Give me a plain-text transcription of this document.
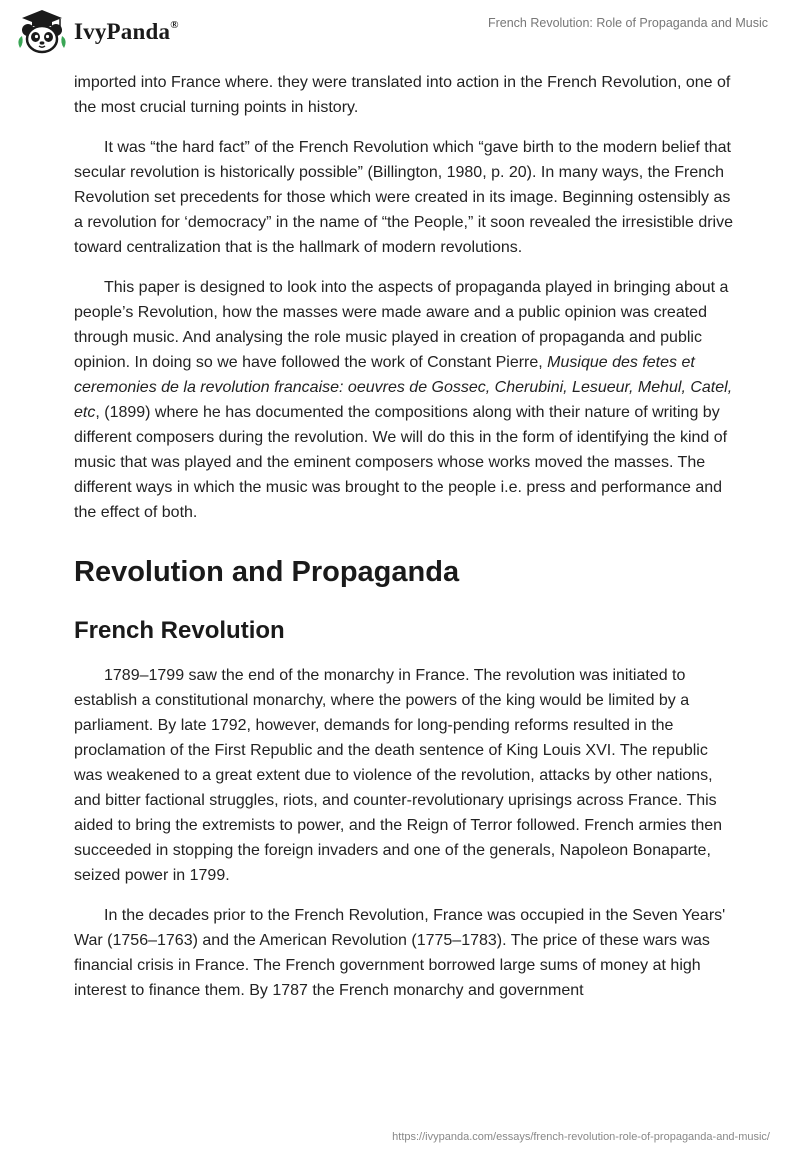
IvyPanda®	French Revolution: Role of Propaganda and Music

imported into France where. they were translated into action in the French Revolution, one of the most crucial turning points in history.

It was “the hard fact” of the French Revolution which “gave birth to the modern belief that secular revolution is historically possible” (Billington, 1980, p. 20). In many ways, the French Revolution set precedents for those which were created in its image. Beginning ostensibly as a revolution for ‘democracy” in the name of “the People,” it soon revealed the irresistible drive toward centralization that is the hallmark of modern revolutions.

This paper is designed to look into the aspects of propaganda played in bringing about a people’s Revolution, how the masses were made aware and a public opinion was created through music. And analysing the role music played in creation of propaganda and public opinion. In doing so we have followed the work of Constant Pierre, Musique des fetes et ceremonies de la revolution francaise: oeuvres de Gossec, Cherubini, Lesueur, Mehul, Catel, etc, (1899) where he has documented the compositions along with their nature of writing by different composers during the revolution. We will do this in the form of identifying the kind of music that was played and the eminent composers whose works moved the masses. The different ways in which the music was brought to the people i.e. press and performance and the effect of both.

Revolution and Propaganda
French Revolution

1789–1799 saw the end of the monarchy in France. The revolution was initiated to establish a constitutional monarchy, where the powers of the king would be limited by a parliament. By late 1792, however, demands for long-pending reforms resulted in the proclamation of the First Republic and the death sentence of King Louis XVI. The republic was weakened to a great extent due to violence of the revolution, attacks by other nations, and bitter factional struggles, riots, and counter-revolutionary uprisings across France. This aided to bring the extremists to power, and the Reign of Terror followed. French armies then succeeded in stopping the foreign invaders and one of the generals, Napoleon Bonaparte, seized power in 1799.

In the decades prior to the French Revolution, France was occupied in the Seven Years' War (1756–1763) and the American Revolution (1775–1783). The price of these wars was financial crisis in France. The French government borrowed large sums of money at high interest to finance them. By 1787 the French monarchy and government

https://ivypanda.com/essays/french-revolution-role-of-propaganda-and-music/
